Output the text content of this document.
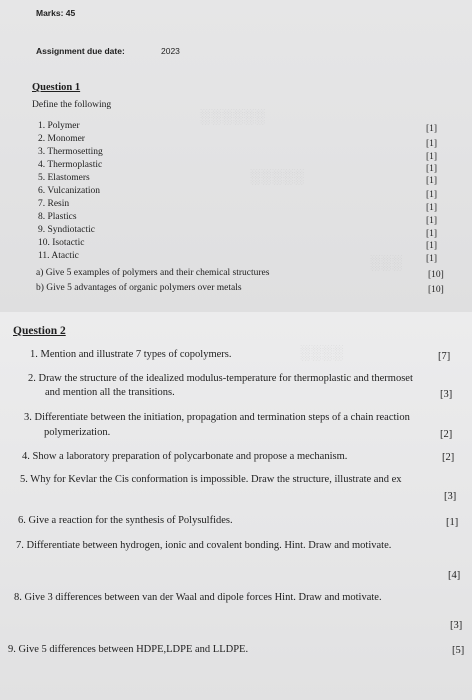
░░░░░░
░░░░░
░░░
░░░░
Marks: 45
Assignment due date:	2023
Question 1
Define the following
Question 2
1. Polymer	[1]
2. Monomer	[1]
3. Thermosetting	[1]
4. Thermoplastic	[1]
5. Elastomers	[1]
6. Vulcanization	[1]
7. Resin	[1]
8. Plastics	[1]
9. Syndiotactic	[1]
10. Isotactic	[1]
11. Atactic	[1]
a) Give 5 examples of polymers and their chemical structures	[10]
b) Give 5 advantages of organic polymers over metals	[10]
1. Mention and illustrate 7 types of copolymers.	[7]
2. Draw the structure of the idealized modulus-temperature for thermoplastic and thermoset
and mention all the transitions.	[3]
3. Differentiate between the initiation, propagation and termination steps of a chain reaction
polymerization.	[2]
4. Show a laboratory preparation of polycarbonate and propose a mechanism.	[2]
5. Why for Kevlar the Cis conformation is impossible. Draw the structure, illustrate and ex
[3]
6. Give a reaction for the synthesis of Polysulfides.	[1]
7. Differentiate between hydrogen, ionic and covalent bonding. Hint. Draw and motivate.
[4]
8. Give 3 differences between van der Waal and dipole forces Hint. Draw and motivate.
[3]
9. Give 5 differences between HDPE,LDPE and LLDPE.	[5]
